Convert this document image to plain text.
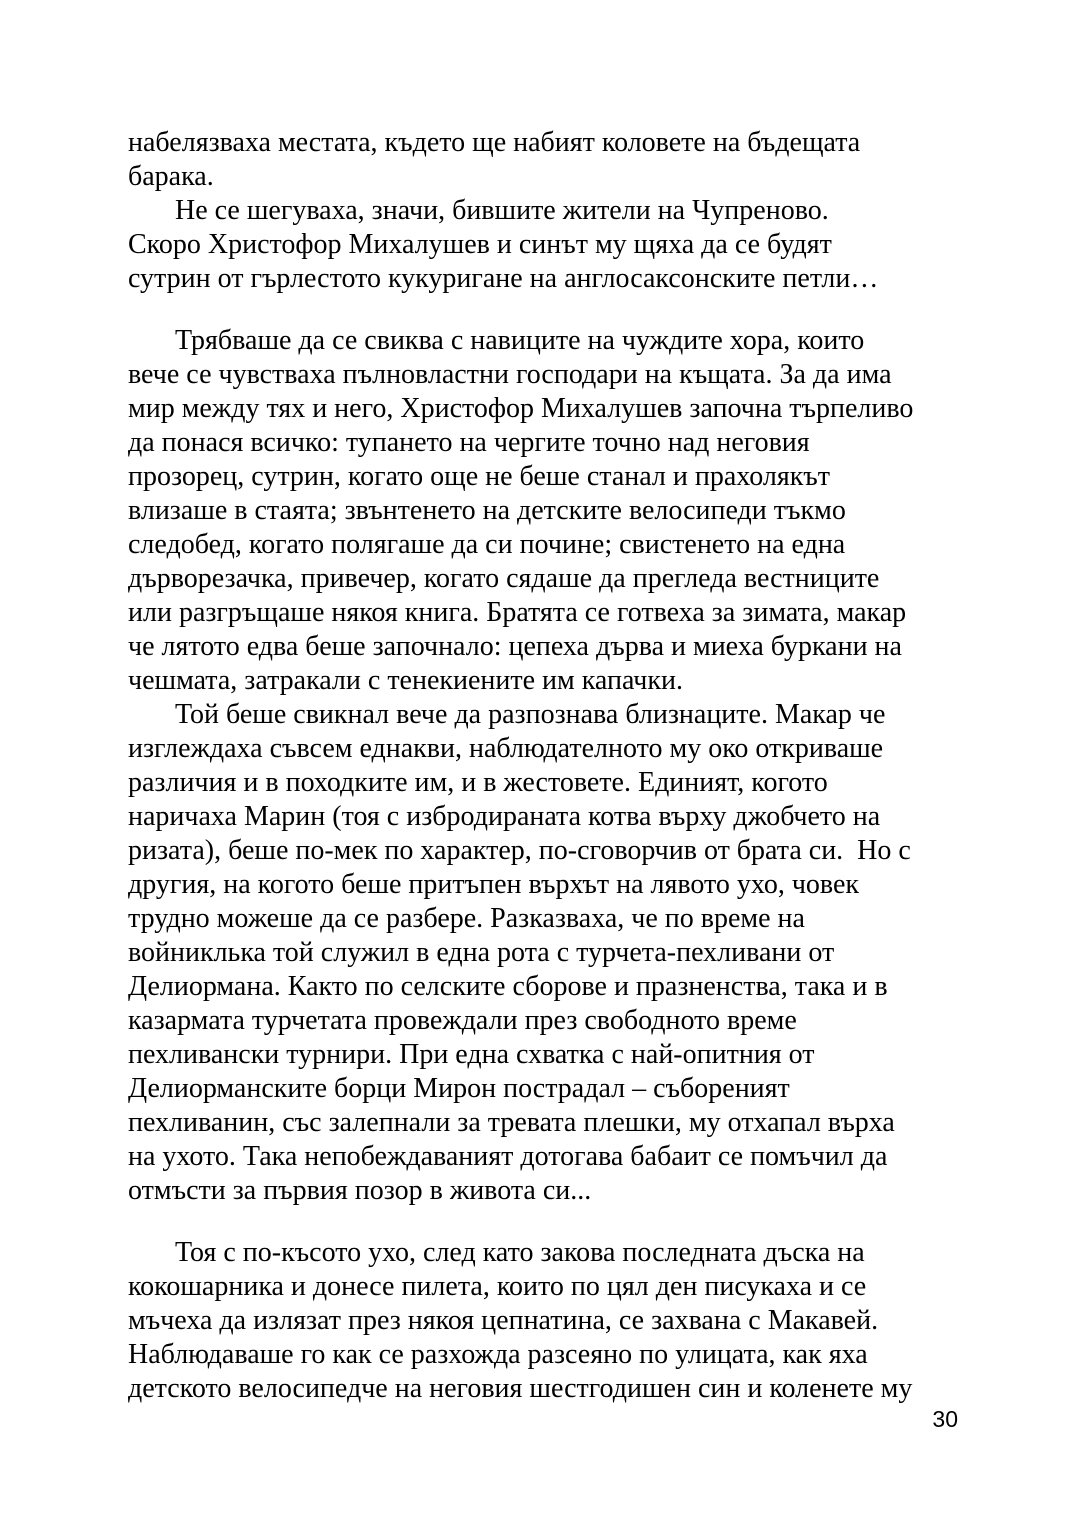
набелязваха местата, където ще набият коловете на бъдещата
барака.
Не се шегуваха, значи, бившите жители на Чупреново.
Скоро Христофор Михалушев и синът му щяха да се будят
сутрин от гърлестото кукуригане на англосаксонските петли…
Трябваше да се свиква с навиците на чуждите хора, които
вече се чувстваха пълновластни господари на къщата. За да има
мир между тях и него, Христофор Михалушев започна търпеливо
да понася всичко: тупането на чергите точно над неговия
прозорец, сутрин, когато още не беше станал и прахолякът
влизаше в стаята; звънтенето на детските велосипеди тъкмо
следобед, когато полягаше да си почине; свистенето на една
дърворезачка, привечер, когато сядаше да прегледа вестниците
или разгръщаше някоя книга. Братята се готвеха за зимата, макар
че лятото едва беше започнало: цепеха дърва и миеха буркани на
чешмата, затракали с тенекиените им капачки.
Той беше свикнал вече да разпознава близнаците. Макар че
изглеждаха съвсем еднакви, наблюдателното му око откриваше
различия и в походките им, и в жестовете. Единият, когото
наричаха Марин (тоя с избродираната котва върху джобчето на
ризата), беше по-мек по характер, по-сговорчив от брата си.  Но с
другия, на когото беше притъпен върхът на лявото ухо, човек
трудно можеше да се разбере. Разказваха, че по време на
войниклька той служил в една рота с турчета-пехливани от
Делиормана. Както по селските сборове и празненства, така и в
казармата турчетата провеждали през свободното време
пехливански турнири. При една схватка с най-опитния от
Делиорманските борци Мирон пострадал – събореният
пехливанин, със залепнали за тревата плешки, му отхапал върха
на ухото. Така непобеждаваният дотогава бабаит се помъчил да
отмъсти за първия позор в живота си...
Тоя с по-късото ухо, след като закова последната дъска на
кокошарника и донесе пилета, които по цял ден писукаха и се
мъчеха да излязат през някоя цепнатина, се захвана с Макавей.
Наблюдаваше го как се разхожда разсеяно по улицата, как яха
детското велосипедче на неговия шестгодишен син и коленете му
30
